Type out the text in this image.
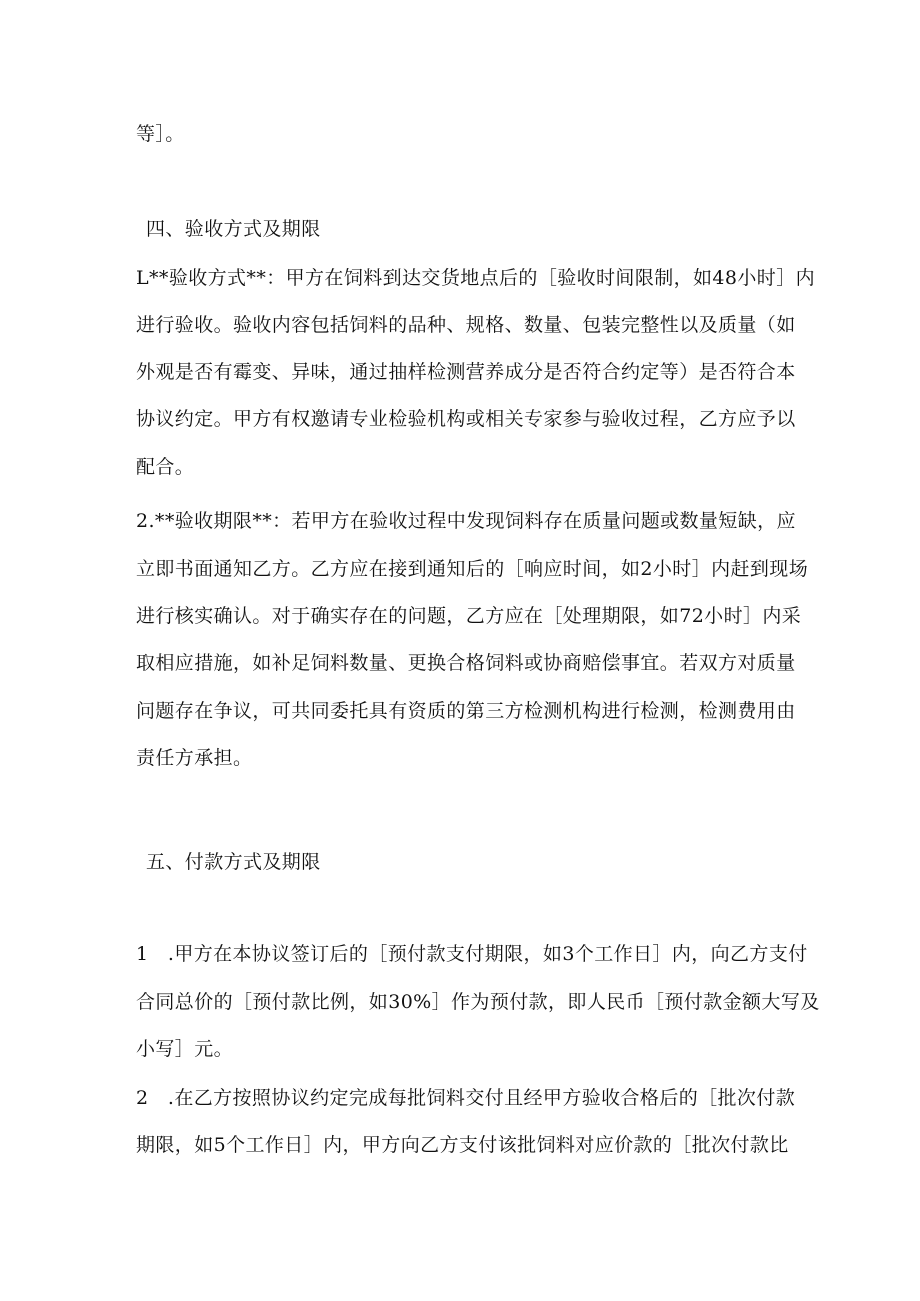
等］。
四、验收方式及期限
L**验收方式**：甲方在饲料到达交货地点后的［验收时间限制，如48小时］内
进行验收。验收内容包括饲料的品种、规格、数量、包装完整性以及质量（如
外观是否有霉变、异味，通过抽样检测营养成分是否符合约定等）是否符合本
协议约定。甲方有权邀请专业检验机构或相关专家参与验收过程，乙方应予以
配合。
2.**验收期限**：若甲方在验收过程中发现饲料存在质量问题或数量短缺，应
立即书面通知乙方。乙方应在接到通知后的［响应时间，如2小时］内赶到现场
进行核实确认。对于确实存在的问题，乙方应在［处理期限，如72小时］内采
取相应措施，如补足饲料数量、更换合格饲料或协商赔偿事宜。若双方对质量
问题存在争议，可共同委托具有资质的第三方检测机构进行检测，检测费用由
责任方承担。
五、付款方式及期限
1　.甲方在本协议签订后的［预付款支付期限，如3个工作日］内，向乙方支付
合同总价的［预付款比例，如30%］作为预付款，即人民币［预付款金额大写及
小写］元。
2　.在乙方按照协议约定完成每批饲料交付且经甲方验收合格后的［批次付款
期限，如5个工作日］内，甲方向乙方支付该批饲料对应价款的［批次付款比
